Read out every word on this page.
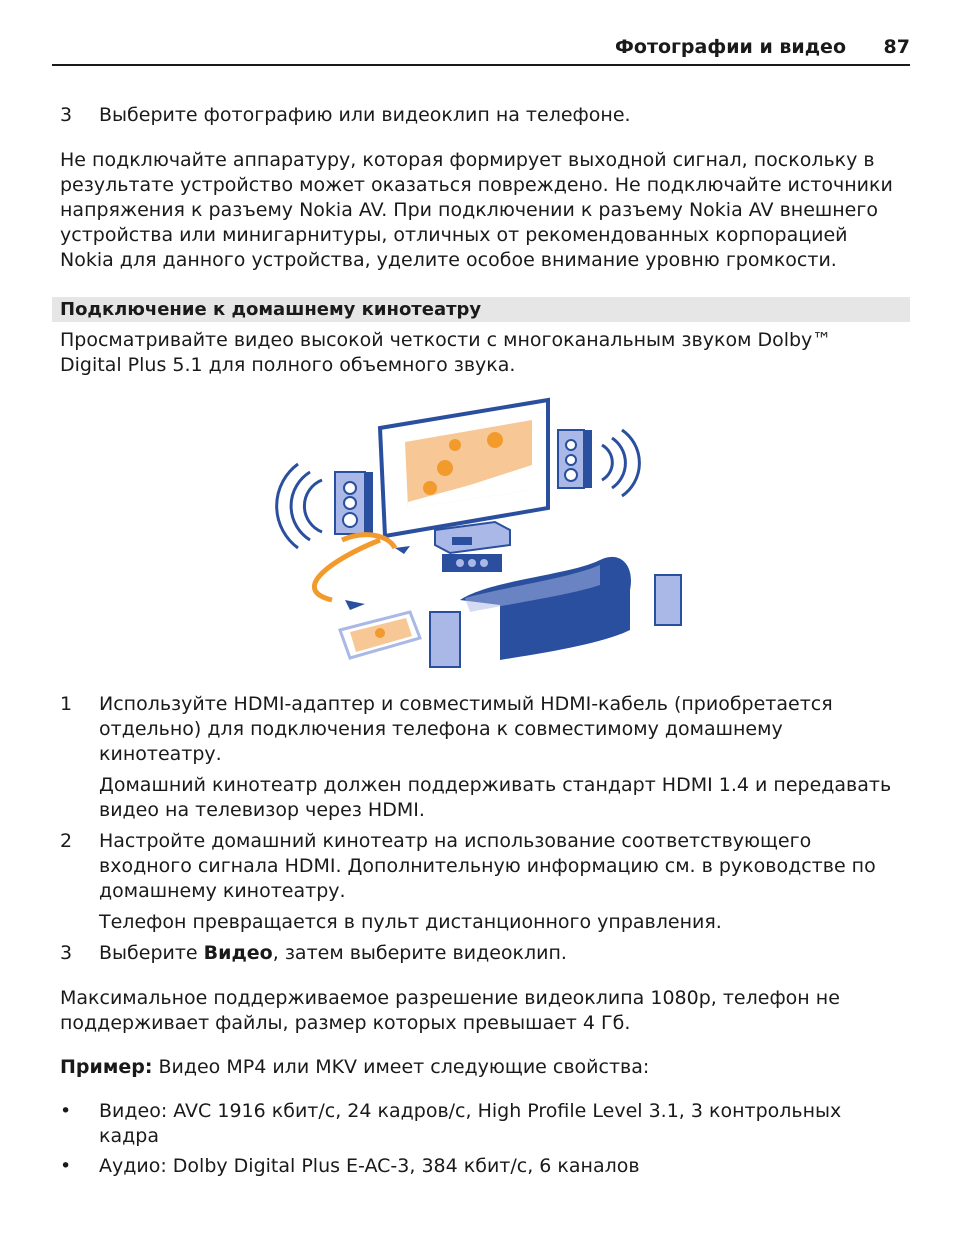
Фотографии и видео 87
3 Выберите фотографию или видеоклип на телефоне.
Не подключайте аппаратуру, которая формирует выходной сигнал, поскольку в
результате устройство может оказаться повреждено. Не подключайте источники
напряжения к разъему Nokia AV. При подключении к разъему Nokia AV внешнего
устройства или минигарнитуры, отличных от рекомендованных корпорацией
Nokia для данного устройства, уделите особое внимание уровню громкости.
Подключение к домашнему кинотеатру
Просматривайте видео высокой четкости с многоканальным звуком Dolby™
Digital Plus 5.1 для полного объемного звука.
1 Используйте HDMI-адаптер и совместимый HDMI-кабель (приобретается
отдельно) для подключения телефона к совместимому домашнему
кинотеатру.
Домашний кинотеатр должен поддерживать стандарт HDMI 1.4 и передавать
видео на телевизор через HDMI.
2 Настройте домашний кинотеатр на использование соответствующего
входного сигнала HDMI. Дополнительную информацию см. в руководстве по
домашнему кинотеатру.
Телефон превращается в пульт дистанционного управления.
3 Выберите Видео, затем выберите видеоклип.
Максимальное поддерживаемое разрешение видеоклипа 1080p, телефон не
поддерживает файлы, размер которых превышает 4 Гб.
Пример: Видео MP4 или MKV имеет следующие свойства:
• Видео: AVC 1916 кбит/с, 24 кадров/с, High Profile Level 3.1, 3 контрольных
кадра
• Аудио: Dolby Digital Plus E-AC-3, 384 кбит/с, 6 каналов
